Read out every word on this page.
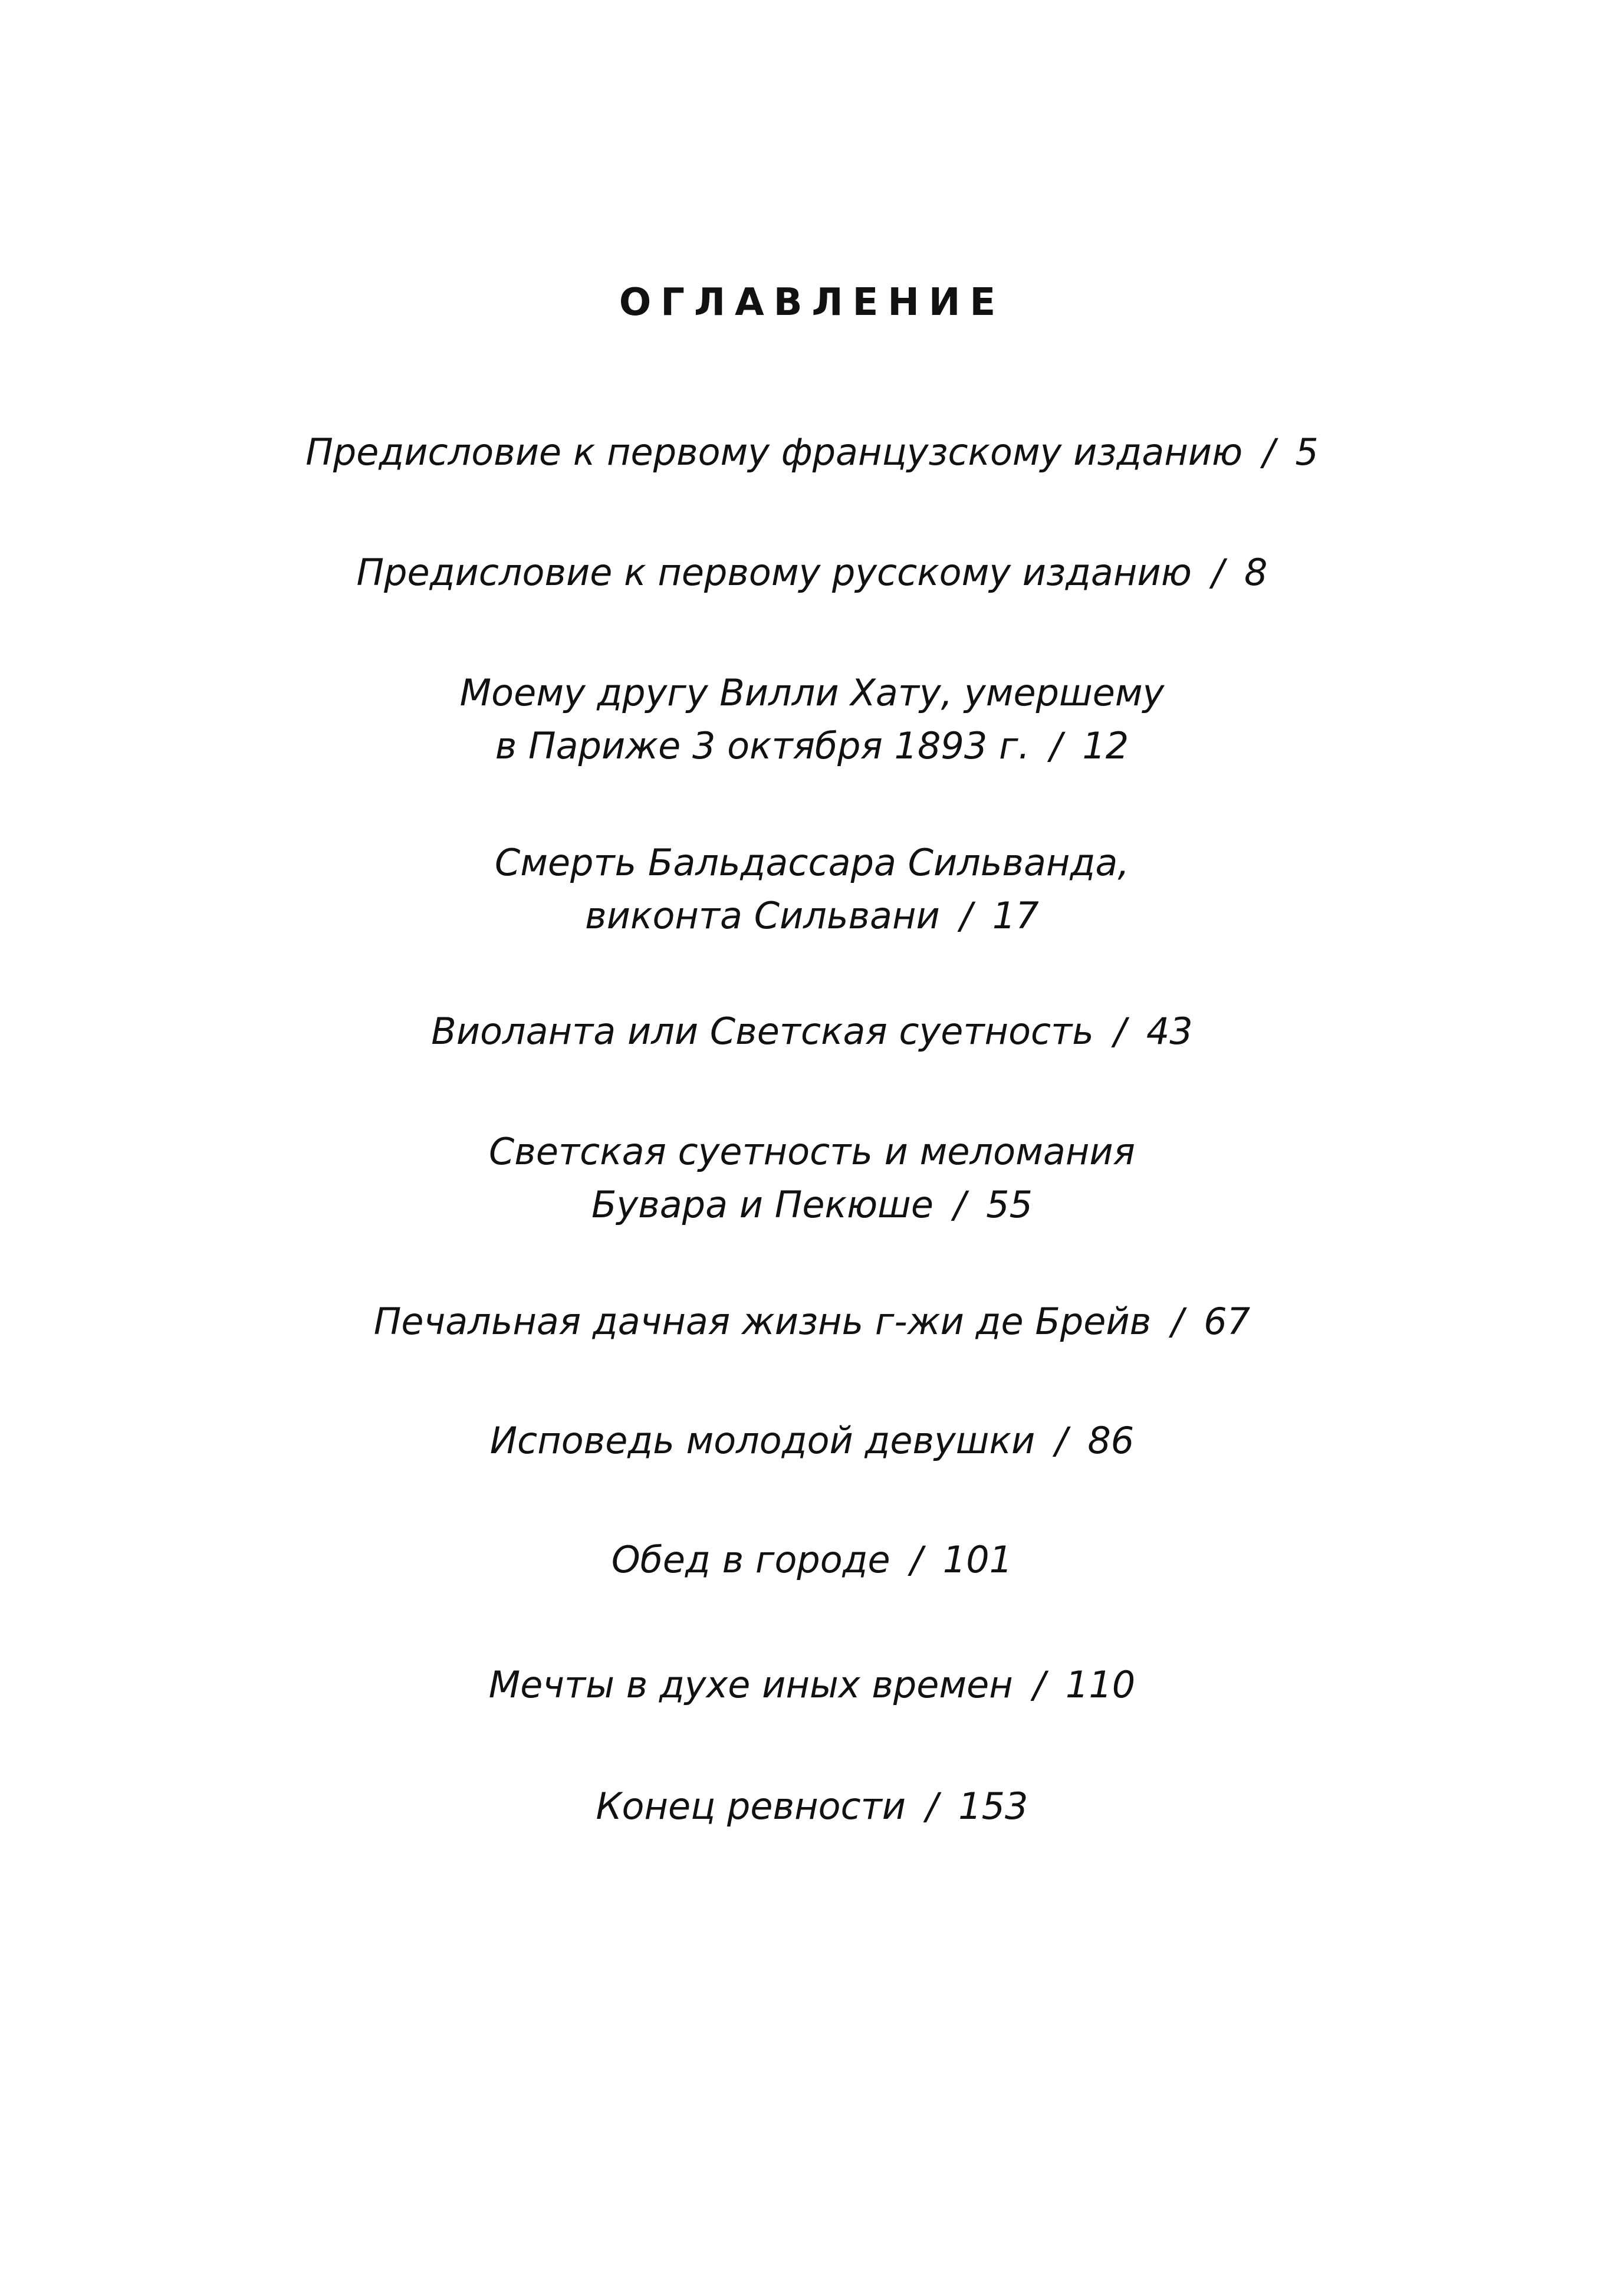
ОГЛАВЛЕНИЕ

Предисловие к первому французскому изданию / 5

Предисловие к первому русскому изданию / 8

Моему другу Вилли Хату, умершему
в Париже 3 октября 1893 г. / 12

Смерть Бальдассара Сильванда,
виконта Сильвани / 17

Виоланта или Светская суетность / 43

Светская суетность и меломания
Бувара и Пекюше / 55

Печальная дачная жизнь г-жи де Брейв / 67

Исповедь молодой девушки / 86

Обед в городе / 101

Мечты в духе иных времен / 110

Конец ревности / 153
